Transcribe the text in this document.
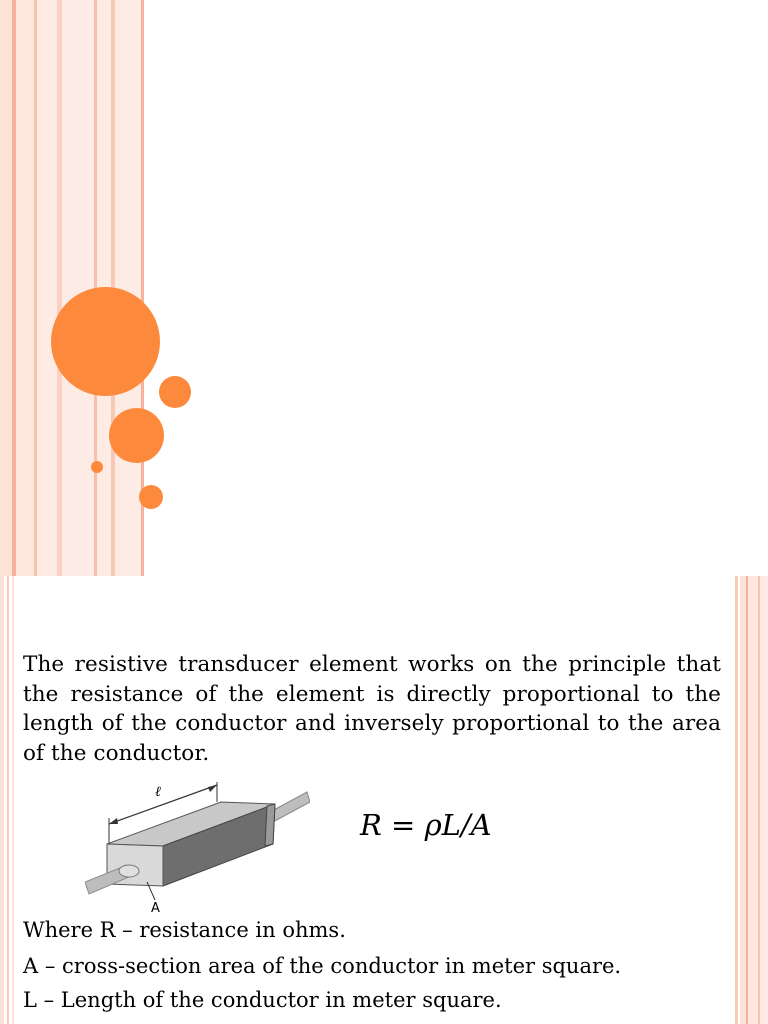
The resistive transducer element works on the principle that the resistance of the element is directly proportional to the length of the conductor and inversely proportional to the area of the conductor.

ℓ
A

R = ρL/A

Where R – resistance in ohms.

A – cross-section area of the conductor in meter square.

L – Length of the conductor in meter square.
